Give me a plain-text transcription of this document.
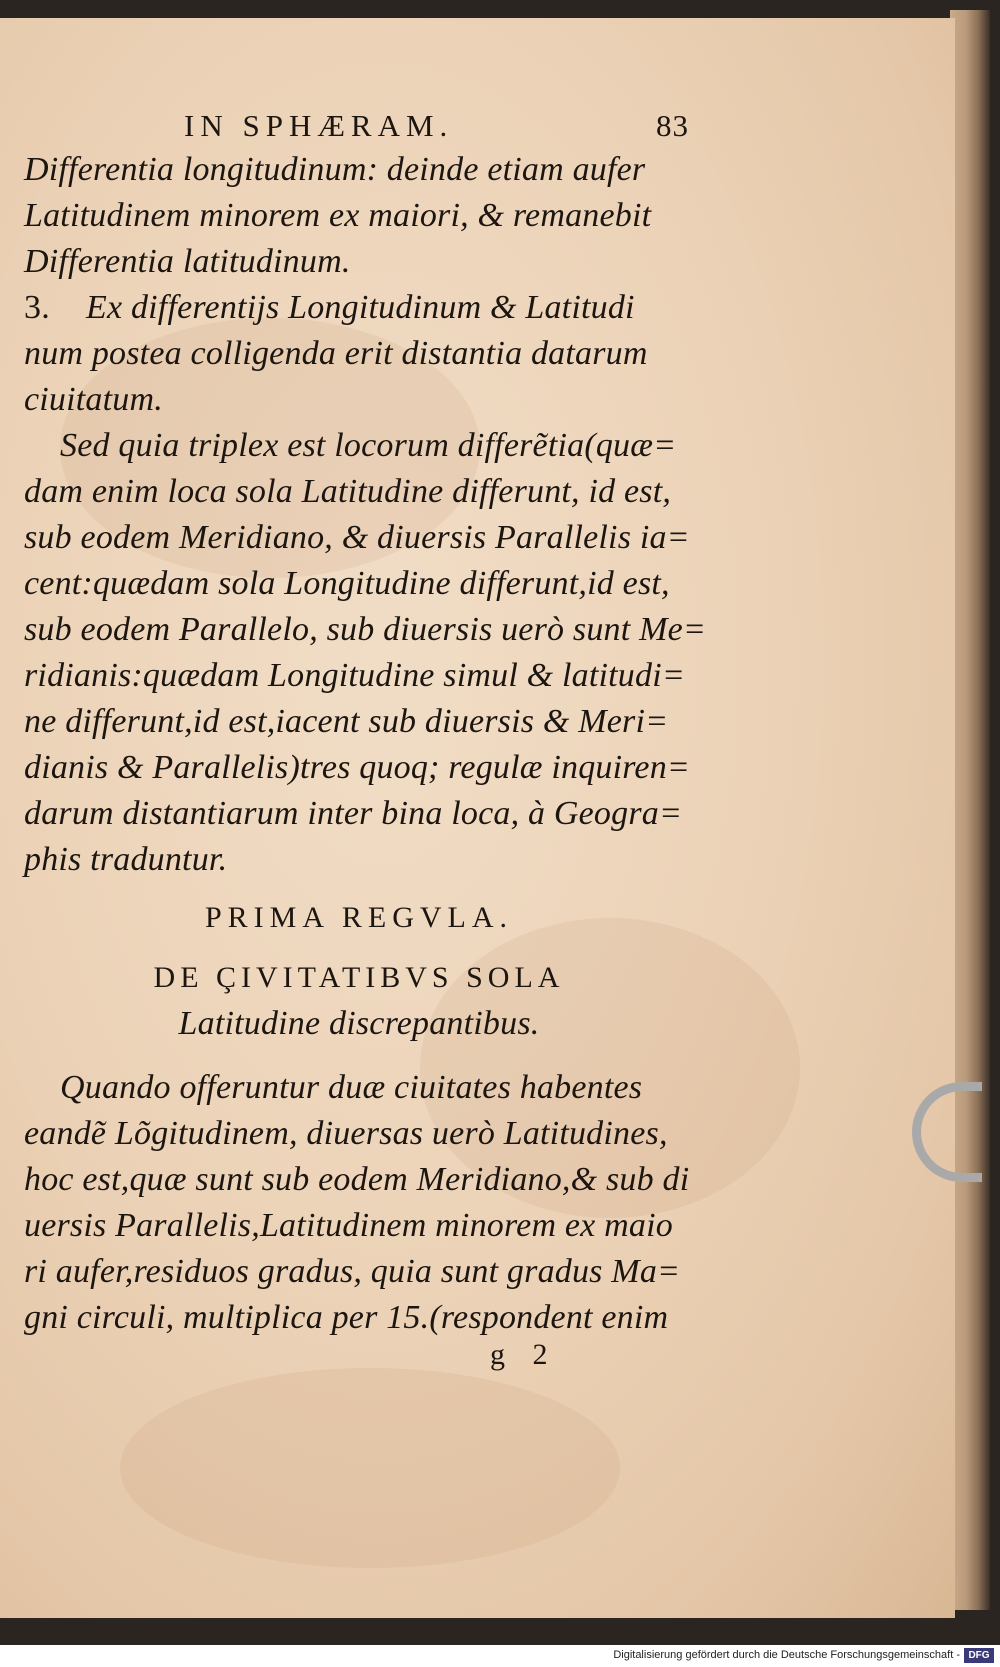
IN SPHÆRAM.	83
Differentia longitudinum: deinde etiam aufer
Latitudinem minorem ex maiori, & remanebit
Differentia latitudinum.
3. Ex differentijs Longitudinum & Latitudi
num postea colligenda erit distantia datarum
ciuitatum.
Sed quia triplex est locorum differẽtia(quæ=
dam enim loca sola Latitudine differunt, id est,
sub eodem Meridiano, & diuersis Parallelis ia=
cent:quædam sola Longitudine differunt,id est,
sub eodem Parallelo, sub diuersis uerò sunt Me=
ridianis:quædam Longitudine simul & latitudi=
ne differunt,id est,iacent sub diuersis & Meri=
dianis & Parallelis)tres quoq; regulæ inquiren=
darum distantiarum inter bina loca, à Geogra=
phis traduntur.
PRIMA REGVLA.
DE ÇIVITATIBVS SOLA
Latitudine discrepantibus.
Quando offeruntur duæ ciuitates habentes
eandẽ Lõgitudinem, diuersas uerò Latitudines,
hoc est,quæ sunt sub eodem Meridiano,& sub di
uersis Parallelis,Latitudinem minorem ex maio
ri aufer,residuos gradus, quia sunt gradus Ma=
gni circuli, multiplica per 15.(respondent enim
g 2
Digitalisierung gefördert durch die Deutsche Forschungsgemeinschaft - DFG
